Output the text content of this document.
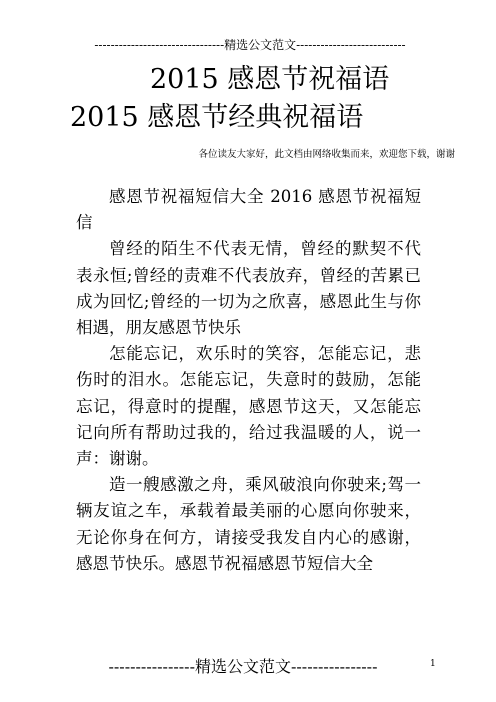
--------------------------------精选公文范文---------------------------
2015 感恩节祝福语
2015 感恩节经典祝福语
各位读友大家好，此文档由网络收集而来，欢迎您下载，谢谢

感恩节祝福短信大全 2016 感恩节祝福短信

曾经的陌生不代表无情，曾经的默契不代表永恒;曾经的责难不代表放弃，曾经的苦累已成为回忆;曾经的一切为之欣喜，感恩此生与你相遇，朋友感恩节快乐

怎能忘记，欢乐时的笑容，怎能忘记，悲伤时的泪水。怎能忘记，失意时的鼓励，怎能忘记，得意时的提醒，感恩节这天，又怎能忘记向所有帮助过我的，给过我温暖的人，说一声：谢谢。

造一艘感激之舟，乘风破浪向你驶来;驾一辆友谊之车，承载着最美丽的心愿向你驶来，无论你身在何方，请接受我发自内心的感谢，感恩节快乐。感恩节祝福感恩节短信大全

----------------精选公文范文----------------	1
